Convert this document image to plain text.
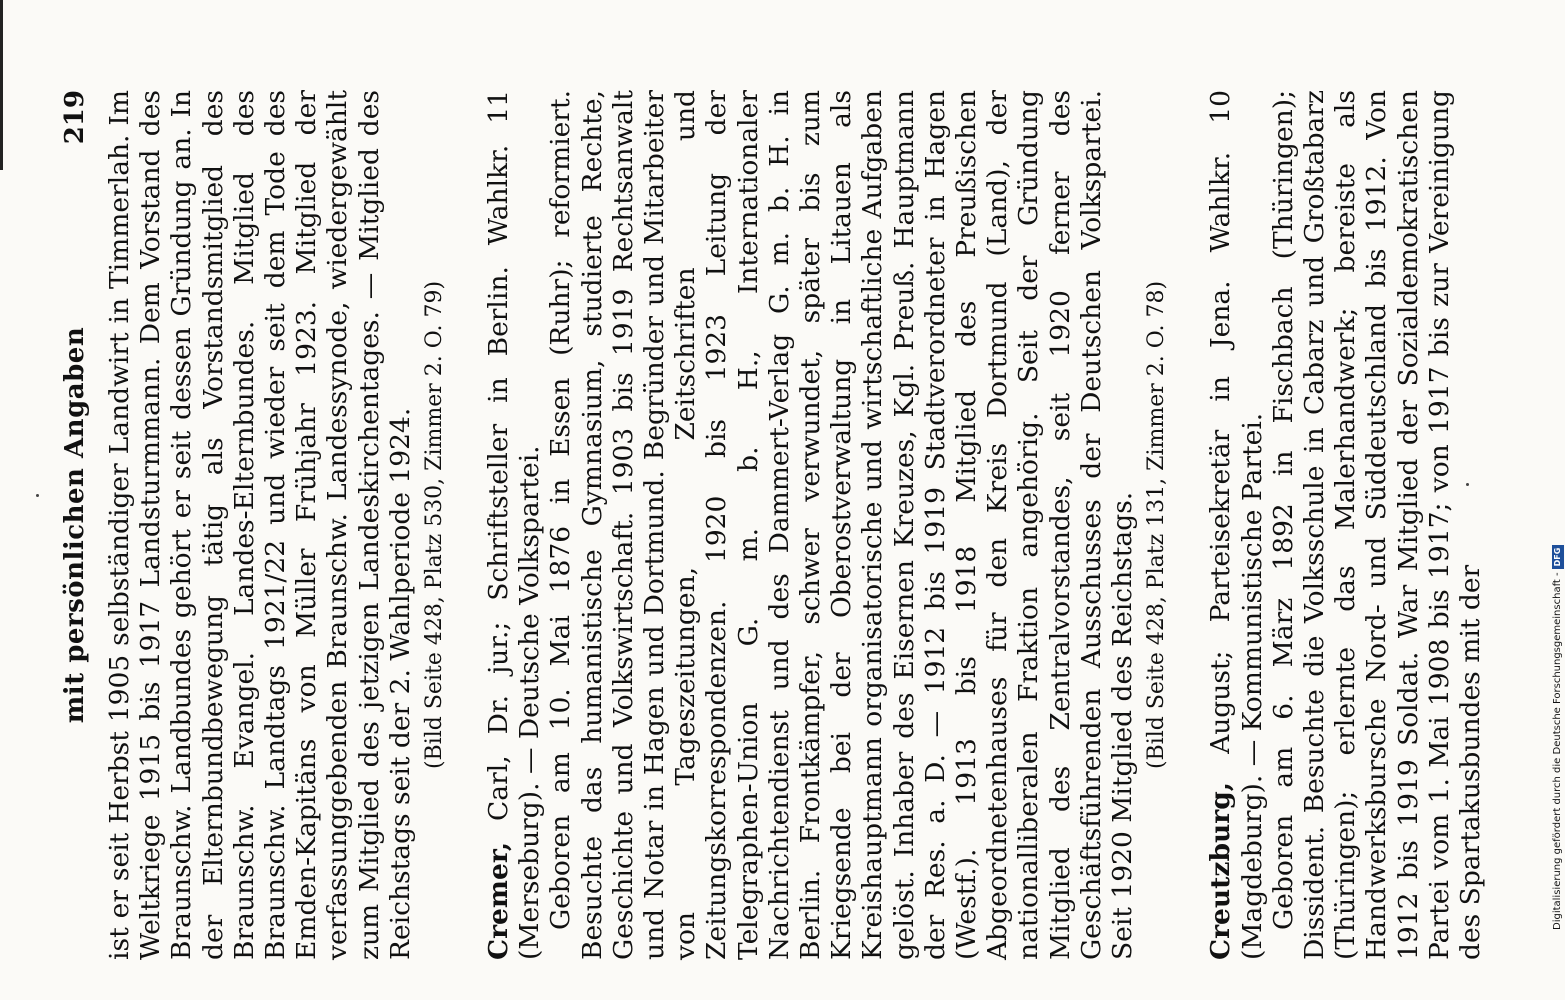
mit persönlichen Angaben
219 ist er seit Herbst 1905 selbständiger Landwirt in Timmerlah. Im Weltkriege 1915 bis 1917 Landsturmmann. Dem Vorstand des Braunschw. Landbundes gehört er seit dessen Gründung an. In der Elternbundbewegung tätig als Vorstandsmitglied des Braunschw. Evangel. Landes-Elternbundes. Mitglied des Braunschw. Landtags 1921/22 und wieder seit dem Tode des Emden-Kapitäns von Müller Frühjahr 1923. Mitglied der verfassunggebenden Braunschw. Landessynode, wiedergewählt zum Mitglied des jetzigen Landeskirchentages. — Mitglied des Reichstags seit der 2. Wahlperiode 1924. (Bild Seite 428, Platz 530, Zimmer 2. O. 79)

Cremer, Carl, Dr. jur.; Schriftsteller in Berlin. Wahlkr. 11 (Merseburg). — Deutsche Volkspartei. Geboren am 10. Mai 1876 in Essen (Ruhr); reformiert. Besuchte das humanistische Gymnasium, studierte Rechte, Geschichte und Volkswirtschaft. 1903 bis 1919 Rechtsanwalt und Notar in Hagen und Dortmund. Begründer und Mitarbeiter von Tageszeitungen, Zeitschriften und Zeitungskorrespondenzen. 1920 bis 1923 Leitung der Telegraphen-Union G. m. b. H., Internationaler Nachrichtendienst und des Dammert-Verlag G. m. b. H. in Berlin. Frontkämpfer, schwer verwundet, später bis zum Kriegsende bei der Oberostverwaltung in Litauen als Kreishauptmann organisatorische und wirtschaftliche Aufgaben gelöst. Inhaber des Eisernen Kreuzes, Kgl. Preuß. Hauptmann der Res. a. D. — 1912 bis 1919 Stadtverordneter in Hagen (Westf.). 1913 bis 1918 Mitglied des Preußischen Abgeordnetenhauses für den Kreis Dortmund (Land), der nationalliberalen Fraktion angehörig. Seit der Gründung Mitglied des Zentralvorstandes, seit 1920 ferner des Geschäftsführenden Ausschusses der Deutschen Volkspartei. Seit 1920 Mitglied des Reichstags. (Bild Seite 428, Platz 131, Zimmer 2. O. 78)

Creutzburg, August; Parteisekretär in Jena. Wahlkr. 10 (Magdeburg). — Kommunistische Partei. Geboren am 6. März 1892 in Fischbach (Thüringen); Dissident. Besuchte die Volksschule in Cabarz und Großtabarz (Thüringen); erlernte das Malerhandwerk; bereiste als Handwerksbursche Nord- und Süddeutschland bis 1912. Von 1912 bis 1919 Soldat. War Mitglied der Sozialdemokratischen Partei vom 1. Mai 1908 bis 1917; von 1917 bis zur Vereinigung des Spartakusbundes mit der	Digitalisierung gefördert durch die Deutsche Forschungsgemeinschaft -
DFG
